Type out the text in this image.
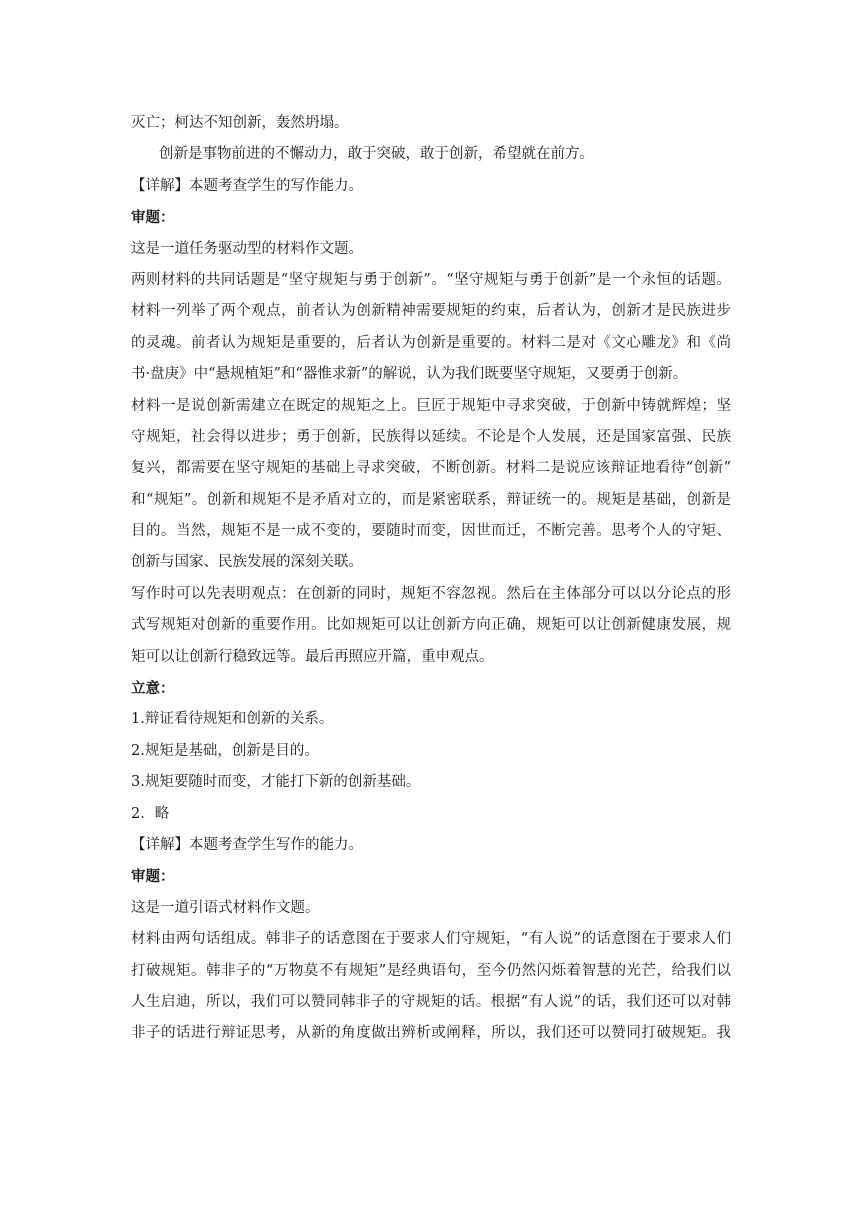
灭亡；柯达不知创新，轰然坍塌。
创新是事物前进的不懈动力，敢于突破，敢于创新，希望就在前方。
【详解】本题考查学生的写作能力。
审题：
这是一道任务驱动型的材料作文题。
两则材料的共同话题是“坚守规矩与勇于创新”。“坚守规矩与勇于创新”是一个永恒的话题。
材料一列举了两个观点，前者认为创新精神需要规矩的约束，后者认为，创新才是民族进步
的灵魂。前者认为规矩是重要的，后者认为创新是重要的。材料二是对《文心雕龙》和《尚
书·盘庚》中“悬规植矩”和“器惟求新”的解说，认为我们既要坚守规矩，又要勇于创新。
材料一是说创新需建立在既定的规矩之上。巨匠于规矩中寻求突破，于创新中铸就辉煌；坚
守规矩，社会得以进步；勇于创新，民族得以延续。不论是个人发展，还是国家富强、民族
复兴，都需要在坚守规矩的基础上寻求突破，不断创新。材料二是说应该辩证地看待“创新”
和“规矩”。创新和规矩不是矛盾对立的，而是紧密联系，辩证统一的。规矩是基础，创新是
目的。当然，规矩不是一成不变的，要随时而变，因世而迁，不断完善。思考个人的守矩、
创新与国家、民族发展的深刻关联。
写作时可以先表明观点：在创新的同时，规矩不容忽视。然后在主体部分可以以分论点的形
式写规矩对创新的重要作用。比如规矩可以让创新方向正确，规矩可以让创新健康发展，规
矩可以让创新行稳致远等。最后再照应开篇，重申观点。
立意：
1.辩证看待规矩和创新的关系。
2.规矩是基础，创新是目的。
3.规矩要随时而变，才能打下新的创新基础。
2．略
【详解】本题考查学生写作的能力。
审题：
这是一道引语式材料作文题。
材料由两句话组成。韩非子的话意图在于要求人们守规矩，“有人说”的话意图在于要求人们
打破规矩。韩非子的“万物莫不有规矩”是经典语句，至今仍然闪烁着智慧的光芒，给我们以
人生启迪，所以，我们可以赞同韩非子的守规矩的话。根据“有人说”的话，我们还可以对韩
非子的话进行辩证思考，从新的角度做出辨析或阐释，所以，我们还可以赞同打破规矩。我
